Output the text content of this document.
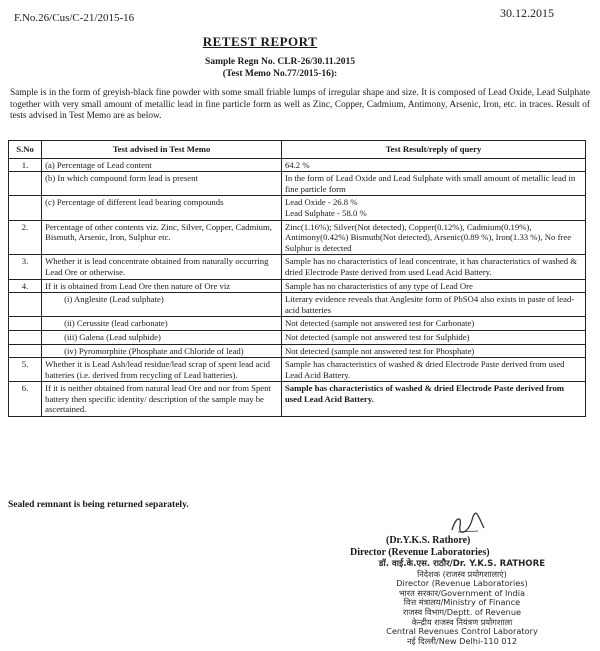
F.No.26/Cus/C-21/2015-16	30.12.2015
RETEST REPORT
Sample Regn No. CLR-26/30.11.2015
(Test Memo No.77/2015-16):
Sample is in the form of greyish-black fine powder with some small friable lumps of irregular shape and size. It is composed of Lead Oxide, Lead Sulphate together with very small amount of metallic lead in fine particle form as well as Zinc, Copper, Cadmium, Antimony, Arsenic, Iron, etc. in traces. Result of tests advised in Test Memo are as below.
S.No	Test advised in Test Memo	Test Result/reply of query
1.	(a) Percentage of Lead content	64.2 %
	(b) In which compound form lead is present	In the form of Lead Oxide and Lead Sulphate with small amount of metallic lead in fine particle form
	(c) Percentage of different lead bearing compounds	Lead Oxide - 26.8 %
Lead Sulphate - 58.0 %

2.	Percentage of other contents viz. Zinc, Silver, Copper, Cadmium, Bismuth, Arsenic, Iron, Sulphur etc.	Zinc(1.16%); Silver(Not detected), Copper(0.12%), Cadmium(0.19%), Antimony(0.42%) Bismuth(Not detected), Arsenic(0.89 %), Iron(1.33 %), No free Sulphur is detected
3.	Whether it is lead concentrate obtained from naturally occurring Lead Ore or otherwise.	Sample has no characteristics of lead concentrate, it has characteristics of washed & dried Electrode Paste derived from used Lead Acid Battery.
4.	If it is obtained from Lead Ore then nature of Ore viz	Sample has no characteristics of any type of Lead Ore
	(i) Anglesite (Lead sulphate)	Literary evidence reveals that Anglesite form of PbSO4 also exists in paste of lead-acid batteries
	(ii) Cerussite (lead carbonate)	Not detected (sample not answered test for Carbonate)
	(iii) Galena (Lead sulphide)	Not detected (sample not answered test for Sulphide)
	(iv) Pyromorphite (Phosphate and Chloride of lead)	Not detected (sample not answered test for Phosphate)
5.	Whether it is Lead Ash/lead residue/lead scrap of spent lead acid batteries (i.e. derived from recycling of Lead batteries).	Sample has characteristics of washed & dried Electrode Paste derived from used Lead Acid Battery.
6.	If it is neither obtained from natural lead Ore and nor from Spent battery then specific identity/ description of the sample may be ascertained.	Sample has characteristics of washed & dried Electrode Paste derived from used Lead Acid Battery.
Sealed remnant is being returned separately.
(Dr.Y.K.S. Rathore)
Director (Revenue Laboratories)
डॉ. वाई.के.एस. राठौर/Dr. Y.K.S. RATHORE
निदेशक (राजस्व प्रयोगशालाएं)
Director (Revenue Laboratories)
भारत सरकार/Government of India
वित्त मंत्रालय/Ministry of Finance
राजस्व विभाग/Deptt. of Revenue
केन्द्रीय राजस्व नियंत्रण प्रयोगशाला
Central Revenues Control Laboratory
नई दिल्ली/New Delhi-110 012
